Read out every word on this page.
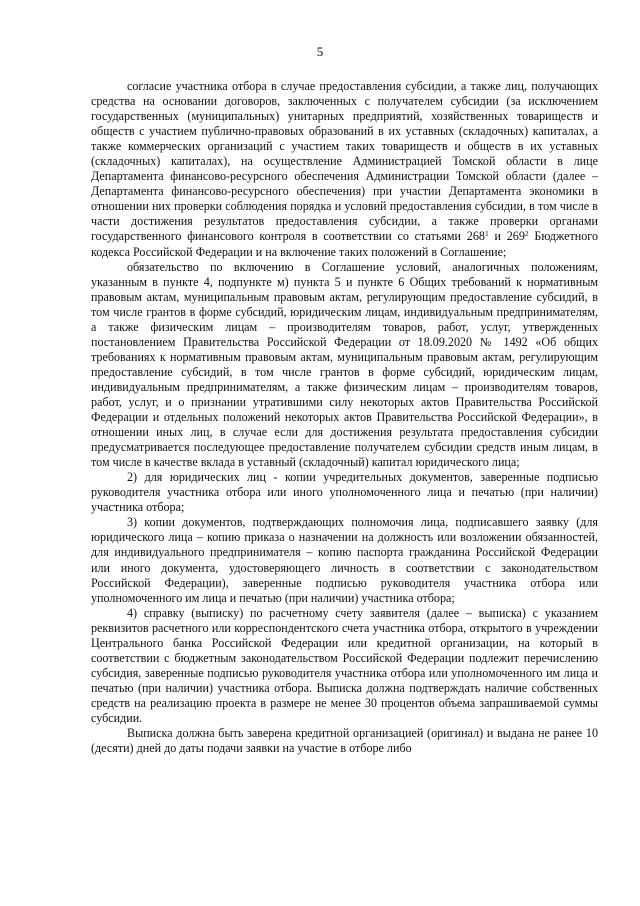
5

согласие участника отбора в случае предоставления субсидии, а также лиц, получающих средства на основании договоров, заключенных с получателем субсидии (за исключением государственных (муниципальных) унитарных предприятий, хозяйственных товариществ и обществ с участием публично-правовых образований в их уставных (складочных) капиталах, а также коммерческих организаций с участием таких товариществ и обществ в их уставных (складочных) капиталах), на осуществление Администрацией Томской области в лице Департамента финансово-ресурсного обеспечения Администрации Томской области (далее – Департамента финансово-ресурсного обеспечения) при участии Департамента экономики в отношении них проверки соблюдения порядка и условий предоставления субсидии, в том числе в части достижения результатов предоставления субсидии, а также проверки органами государственного финансового контроля в соответствии со статьями $268^1$ и $269^2$ Бюджетного кодекса Российской Федерации и на включение таких положений в Соглашение;

обязательство по включению в Соглашение условий, аналогичных положениям, указанным в пункте 4, подпункте м) пункта 5 и пункте 6 Общих требований к нормативным правовым актам, муниципальным правовым актам, регулирующим предоставление субсидий, в том числе грантов в форме субсидий, юридическим лицам, индивидуальным предпринимателям, а также физическим лицам – производителям товаров, работ, услуг, утвержденных постановлением Правительства Российской Федерации от 18.09.2020 № 1492 «Об общих требованиях к нормативным правовым актам, муниципальным правовым актам, регулирующим предоставление субсидий, в том числе грантов в форме субсидий, юридическим лицам, индивидуальным предпринимателям, а также физическим лицам – производителям товаров, работ, услуг, и о признании утратившими силу некоторых актов Правительства Российской Федерации и отдельных положений некоторых актов Правительства Российской Федерации», в отношении иных лиц, в случае если для достижения результата предоставления субсидии предусматривается последующее предоставление получателем субсидии средств иным лицам, в том числе в качестве вклада в уставный (складочный) капитал юридического лица;

2) для юридических лиц - копии учредительных документов, заверенные подписью руководителя участника отбора или иного уполномоченного лица и печатью (при наличии) участника отбора;

3) копии документов, подтверждающих полномочия лица, подписавшего заявку (для юридического лица – копию приказа о назначении на должность или возложении обязанностей, для индивидуального предпринимателя – копию паспорта гражданина Российской Федерации или иного документа, удостоверяющего личность в соответствии с законодательством Российской Федерации), заверенные подписью руководителя участника отбора или уполномоченного им лица и печатью (при наличии) участника отбора;

4) справку (выписку) по расчетному счету заявителя (далее – выписка) с указанием реквизитов расчетного или корреспондентского счета участника отбора, открытого в учреждении Центрального банка Российской Федерации или кредитной организации, на который в соответствии с бюджетным законодательством Российской Федерации подлежит перечислению субсидия, заверенные подписью руководителя участника отбора или уполномоченного им лица и печатью (при наличии) участника отбора. Выписка должна подтверждать наличие собственных средств на реализацию проекта в размере не менее 30 процентов объема запрашиваемой суммы субсидии.

Выписка должна быть заверена кредитной организацией (оригинал) и выдана не ранее 10 (десяти) дней до даты подачи заявки на участие в отборе либо
